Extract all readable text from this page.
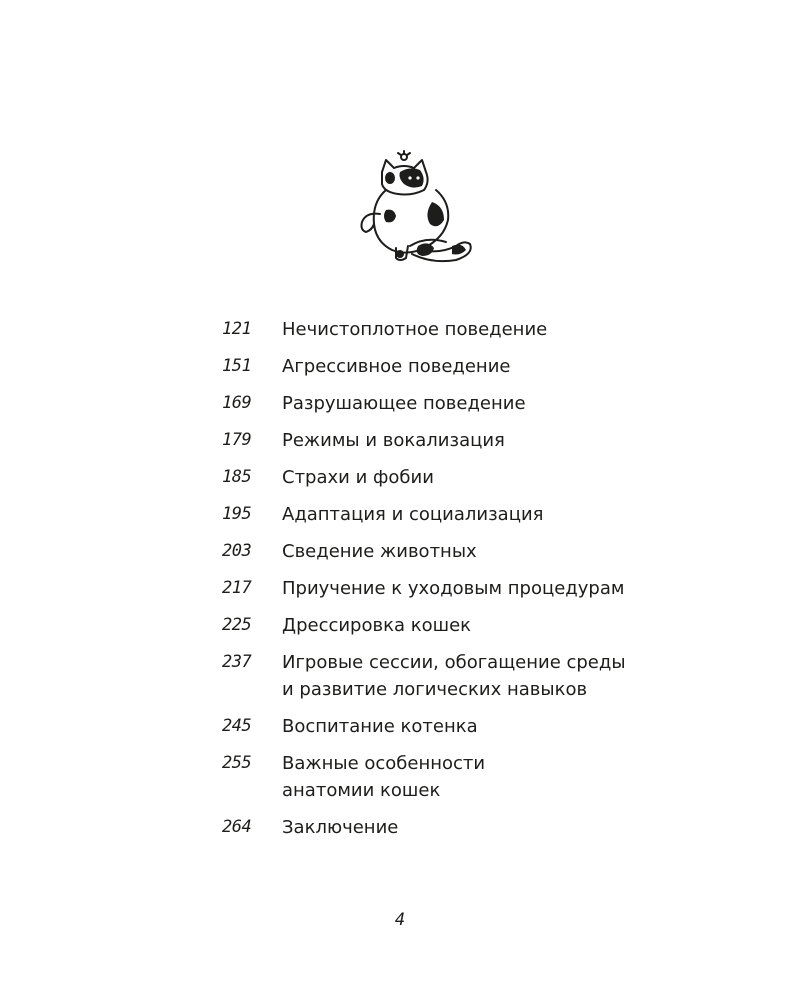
121	Нечистоплотное поведение
151	Агрессивное поведение
169	Разрушающее поведение
179	Режимы и вокализация
185	Страхи и фобии
195	Адаптация и социализация
203	Сведение животных
217	Приучение к уходовым процедурам
225	Дрессировка кошек
237	Игровые сессии, обогащение среды
и развитие логических навыков
245	Воспитание котенка
255	Важные особенности
анатомии кошек
264	Заключение
4
